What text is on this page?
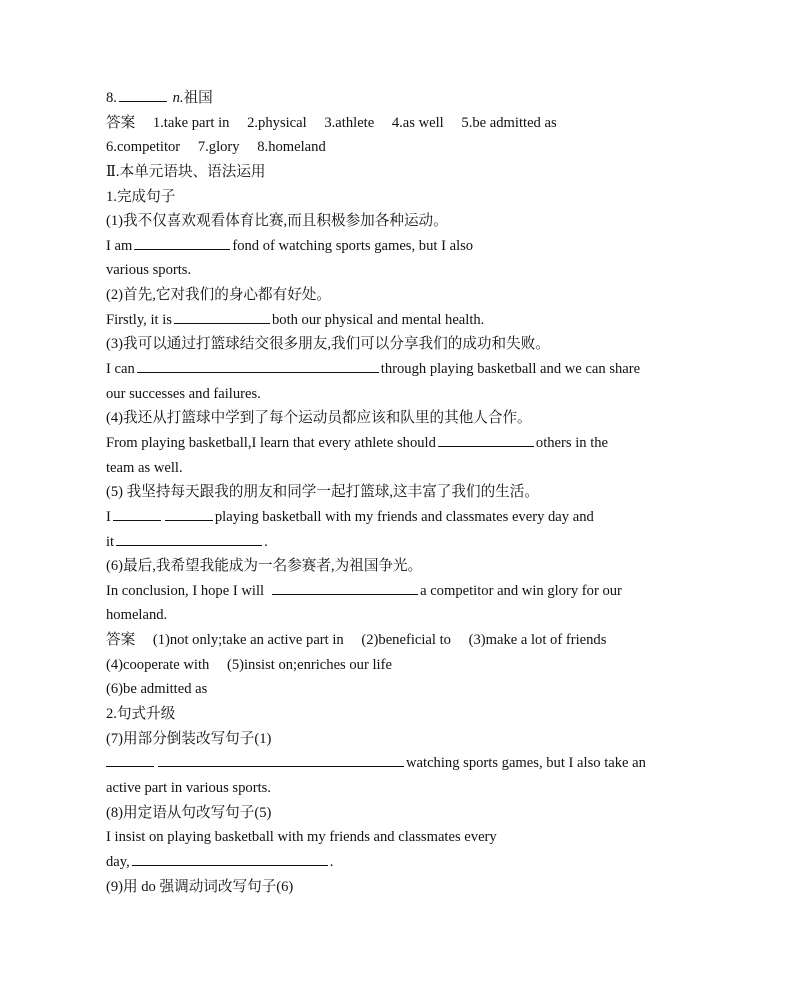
8.	n.祖国
答案 1.take part in 2.physical 3.athlete 4.as well 5.be admitted as
6.competitor 7.glory 8.homeland
Ⅱ.本单元语块、语法运用
1.完成句子
(1)我不仅喜欢观看体育比赛,而且积极参加各种运动。
I am	fond of watching sports games, but I also
various sports.
(2)首先,它对我们的身心都有好处。
Firstly, it is	both our physical and mental health.
(3)我可以通过打篮球结交很多朋友,我们可以分享我们的成功和失败。
I can	through playing basketball and we can share
our successes and failures.
(4)我还从打篮球中学到了每个运动员都应该和队里的其他人合作。
From playing basketball,I learn that every athlete should	others in the
team as well.
(5) 我坚持每天跟我的朋友和同学一起打篮球,这丰富了我们的生活。
I	playing basketball with my friends and classmates every day and
it	.
(6)最后,我希望我能成为一名参赛者,为祖国争光。
In conclusion, I hope I will	a competitor and win glory for our
homeland.
答案 (1)not only;take an active part in (2)beneficial to (3)make a lot of friends
(4)cooperate with (5)insist on;enriches our life
(6)be admitted as
2.句式升级
(7)用部分倒装改写句子(1)
watching sports games, but I also take an
active part in various sports.
(8)用定语从句改写句子(5)
I insist on playing basketball with my friends and classmates every
day,	.
(9)用 do 强调动词改写句子(6)
